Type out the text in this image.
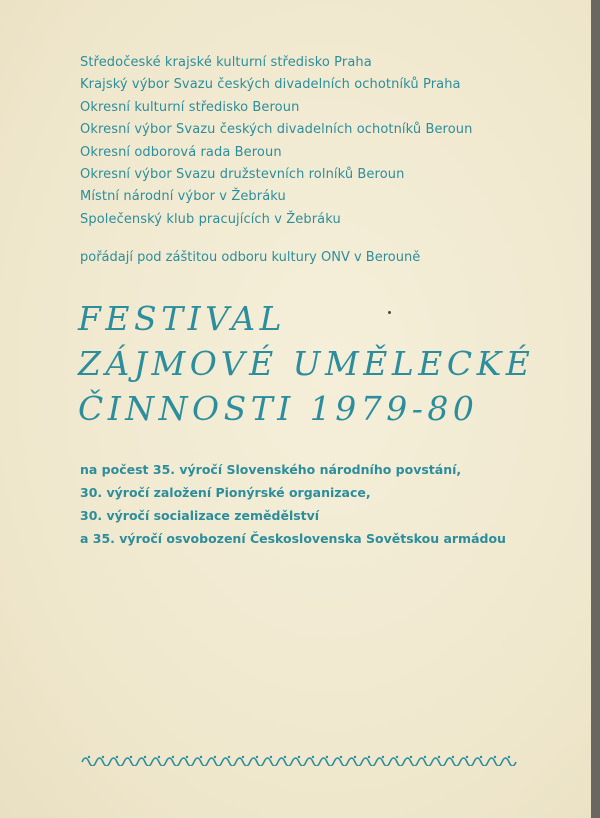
Středočeské krajské kulturní středisko Praha
Krajský výbor Svazu českých divadelních ochotníků Praha
Okresní kulturní středisko Beroun
Okresní výbor Svazu českých divadelních ochotníků Beroun
Okresní odborová rada Beroun
Okresní výbor Svazu družstevních rolníků Beroun
Místní národní výbor v Žebráku
Společenský klub pracujících v Žebráku
pořádají pod záštitou odboru kultury ONV v Berouně
FESTIVAL
ZÁJMOVÉ UMĚLECKÉ
ČINNOSTI 1979-80
na počest 35. výročí Slovenského národního povstání,
30. výročí založení Pionýrské organizace,
30. výročí socializace zemědělství
a 35. výročí osvobození Československa Sovětskou armádou
